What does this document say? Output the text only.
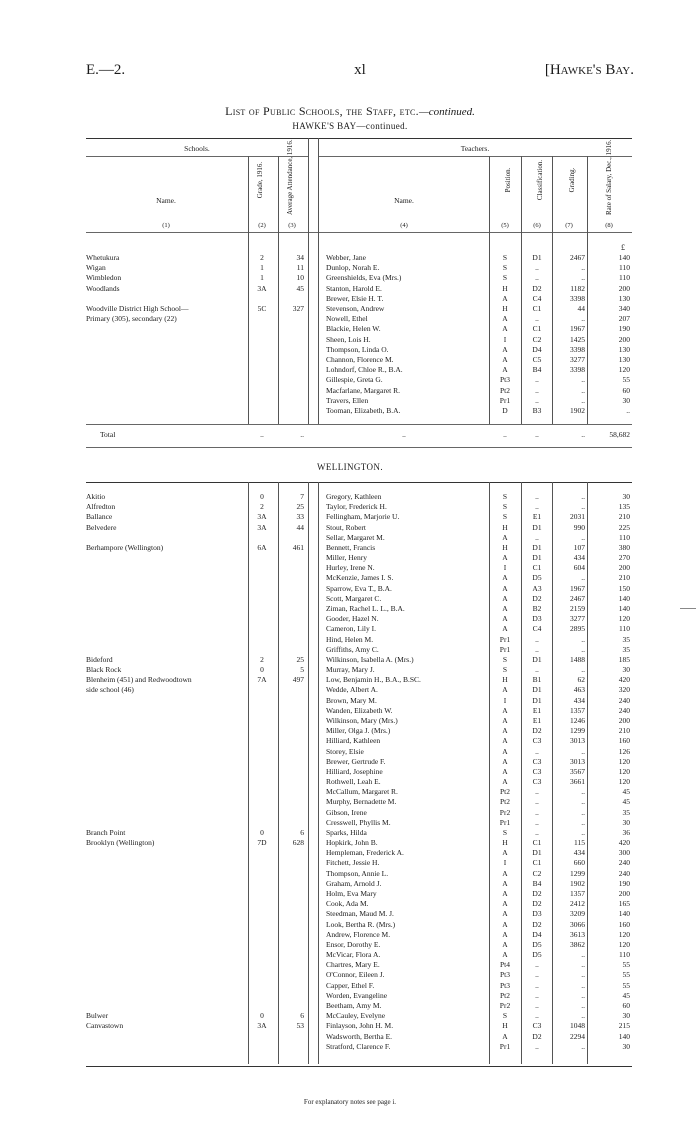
E.—2.	xl	[Hawke's Bay.
List of Public Schools, the Staff, etc.—continued.
HAWKE'S BAY—continued.
Schools.	Teachers.
Name.
Grade, 1916.	Average Attendance, 1916.	Name.
Position.	Classification.	Grading.	Rate of Salary, Dec., 1916.
(1)	(2)	(3)	(4)	(5)	(6)	(7)	(8)
£
Whetukura	2	34	Webber, Jane	S	D1	2467	140
Wigan	1	11	Dunlop, Norah E.	S	..	..	110
Wimbledon	1	10	Greenshields, Eva (Mrs.)	S	..	..	110
Woodlands	3A	45	Stanton, Harold E.	H	D2	1182	200
Brewer, Elsie H. T.	A	C4	3398	130
Woodville District High School—	5C	327	Stevenson, Andrew	H	C1	44	340
Primary (305), secondary (22)	Nowell, Ethel	A	..	..	207
Blackie, Helen W.	A	C1	1967	190
Sheen, Lois H.	I	C2	1425	200
Thompson, Linda O.	A	D4	3398	130
Channon, Florence M.	A	C5	3277	130
Lohndorf, Chloe R., B.A.	A	B4	3398	120
Gillespie, Greta G.	Pt3	..	..	55
Macfarlane, Margaret R.	Pt2	..	..	60
Travers, Ellen	Pr1	..	..	30
Tooman, Elizabeth, B.A.	D	B3	1902	..
Total	..	..	..	..	..	..	58,682
WELLINGTON.
Akitio	0	7	Gregory, Kathleen	S	..	..	30
Alfredton	2	25	Taylor, Frederick H.	S	..	..	135
Ballance	3A	33	Fellingham, Marjorie U.	S	E1	2031	210
Belvedere	3A	44	Stout, Robert	H	D1	990	225
Sellar, Margaret M.	A	..	..	110
Berhampore (Wellington)	6A	461	Bennett, Francis	H	D1	107	380
Miller, Henry	A	D1	434	270
Hurley, Irene N.	I	C1	604	200
McKenzie, James I. S.	A	D5	..	210
Sparrow, Eva T., B.A.	A	A3	1967	150
Scott, Margaret C.	A	D2	2467	140
Ziman, Rachel L. L., B.A.	A	B2	2159	140
Gooder, Hazel N.	A	D3	3277	120
Cameron, Lily I.	A	C4	2895	110
Hind, Helen M.	Pr1	..	..	35
Griffiths, Amy C.	Pr1	..	..	35
Bideford	2	25	Wilkinson, Isabella A. (Mrs.)	S	D1	1488	185
Black Rock	0	5	Murray, Mary J.	S	..	..	30
Blenheim (451) and Redwoodtown	7A	497	Low, Benjamin H., B.A., B.SC.	H	B1	62	420
side school (46)	Wedde, Albert A.	A	D1	463	320
Brown, Mary M.	I	D1	434	240
Wanden, Elizabeth W.	A	E1	1357	240
Wilkinson, Mary (Mrs.)	A	E1	1246	200
Miller, Olga J. (Mrs.)	A	D2	1299	210
Hilliard, Kathleen	A	C3	3013	160
Storey, Elsie	A	..	..	126
Brewer, Gertrude F.	A	C3	3013	120
Hilliard, Josephine	A	C3	3567	120
Rothwell, Leah E.	A	C3	3661	120
McCallum, Margaret R.	Pt2	..	..	45
Murphy, Bernadette M.	Pt2	..	..	45
Gibson, Irene	Pr2	..	..	35
Cresswell, Phyllis M.	Pr1	..	..	30
Branch Point	0	6	Sparks, Hilda	S	..	..	36
Brooklyn (Wellington)	7D	628	Hopkirk, John B.	H	C1	115	420
Hempleman, Frederick A.	A	D1	434	300
Fitchett, Jessie H.	I	C1	660	240
Thompson, Annie L.	A	C2	1299	240
Graham, Arnold J.	A	B4	1902	190
Holm, Eva Mary	A	D2	1357	200
Cook, Ada M.	A	D2	2412	165
Steedman, Maud M. J.	A	D3	3209	140
Look, Bertha R. (Mrs.)	A	D2	3066	160
Andrew, Florence M.	A	D4	3613	120
Ensor, Dorothy E.	A	D5	3862	120
McVicar, Flora A.	A	D5	..	110
Chartres, Mary E.	Pt4	..	..	55
O'Connor, Eileen J.	Pt3	..	..	55
Capper, Ethel F.	Pt3	..	..	55
Worden, Evangeline	Pt2	..	..	45
Beetham, Amy M.	Pr2	..	..	60
Bulwer	0	6	McCauley, Evelyne	S	..	..	30
Canvastown	3A	53	Finlayson, John H. M.	H	C3	1048	215
Wadsworth, Bertha E.	A	D2	2294	140
Stratford, Clarence F.	Pr1	..	..	30
For explanatory notes see page i.
